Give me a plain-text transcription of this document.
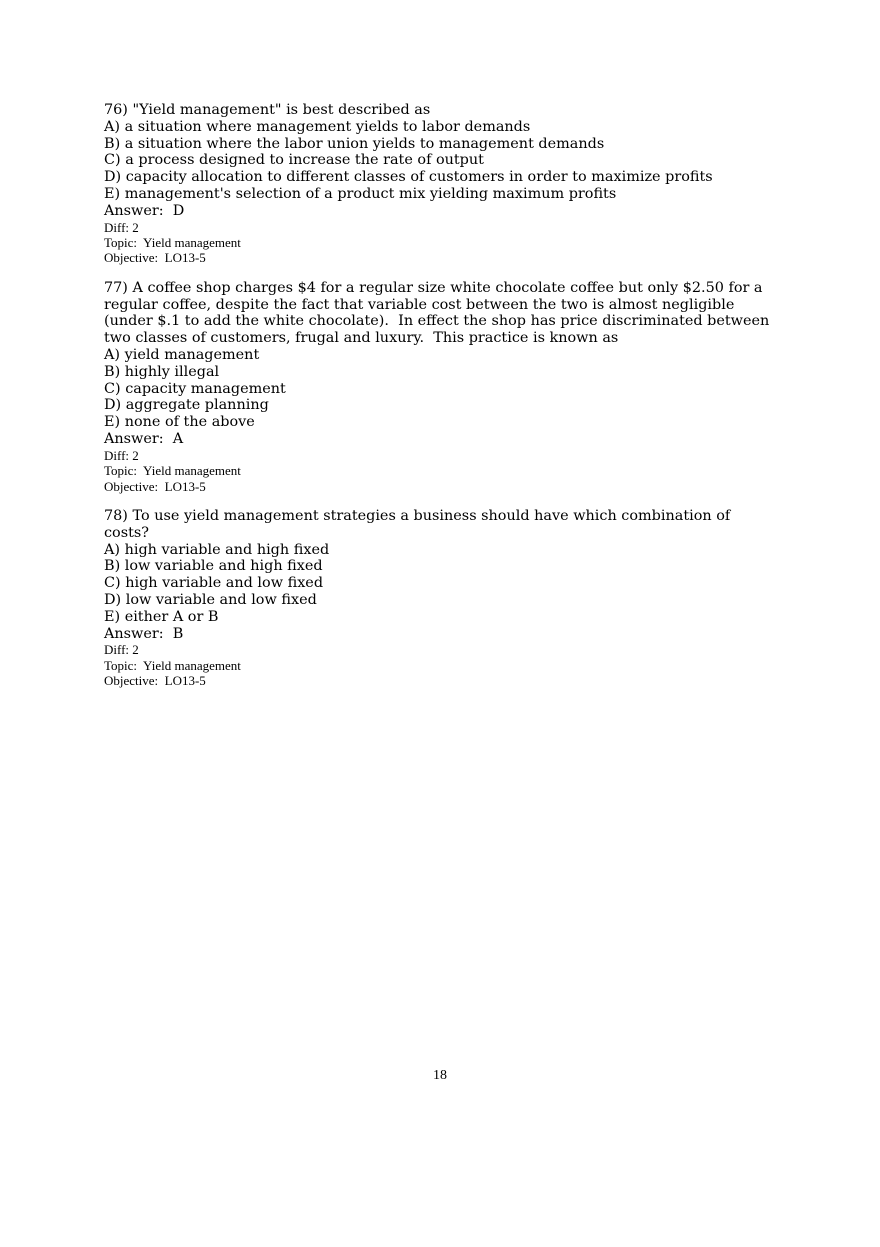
76) "Yield management" is best described as
A) a situation where management yields to labor demands
B) a situation where the labor union yields to management demands
C) a process designed to increase the rate of output
D) capacity allocation to different classes of customers in order to maximize profits
E) management's selection of a product mix yielding maximum profits
Answer:  D
Diff: 2
Topic:  Yield management
Objective:  LO13-5
77) A coffee shop charges $4 for a regular size white chocolate coffee but only $2.50 for a
regular coffee, despite the fact that variable cost between the two is almost negligible
(under $.1 to add the white chocolate).  In effect the shop has price discriminated between
two classes of customers, frugal and luxury.  This practice is known as
A) yield management
B) highly illegal
C) capacity management
D) aggregate planning
E) none of the above
Answer:  A
Diff: 2
Topic:  Yield management
Objective:  LO13-5
78) To use yield management strategies a business should have which combination of
costs?
A) high variable and high fixed
B) low variable and high fixed
C) high variable and low fixed
D) low variable and low fixed
E) either A or B
Answer:  B
Diff: 2
Topic:  Yield management
Objective:  LO13-5
18
